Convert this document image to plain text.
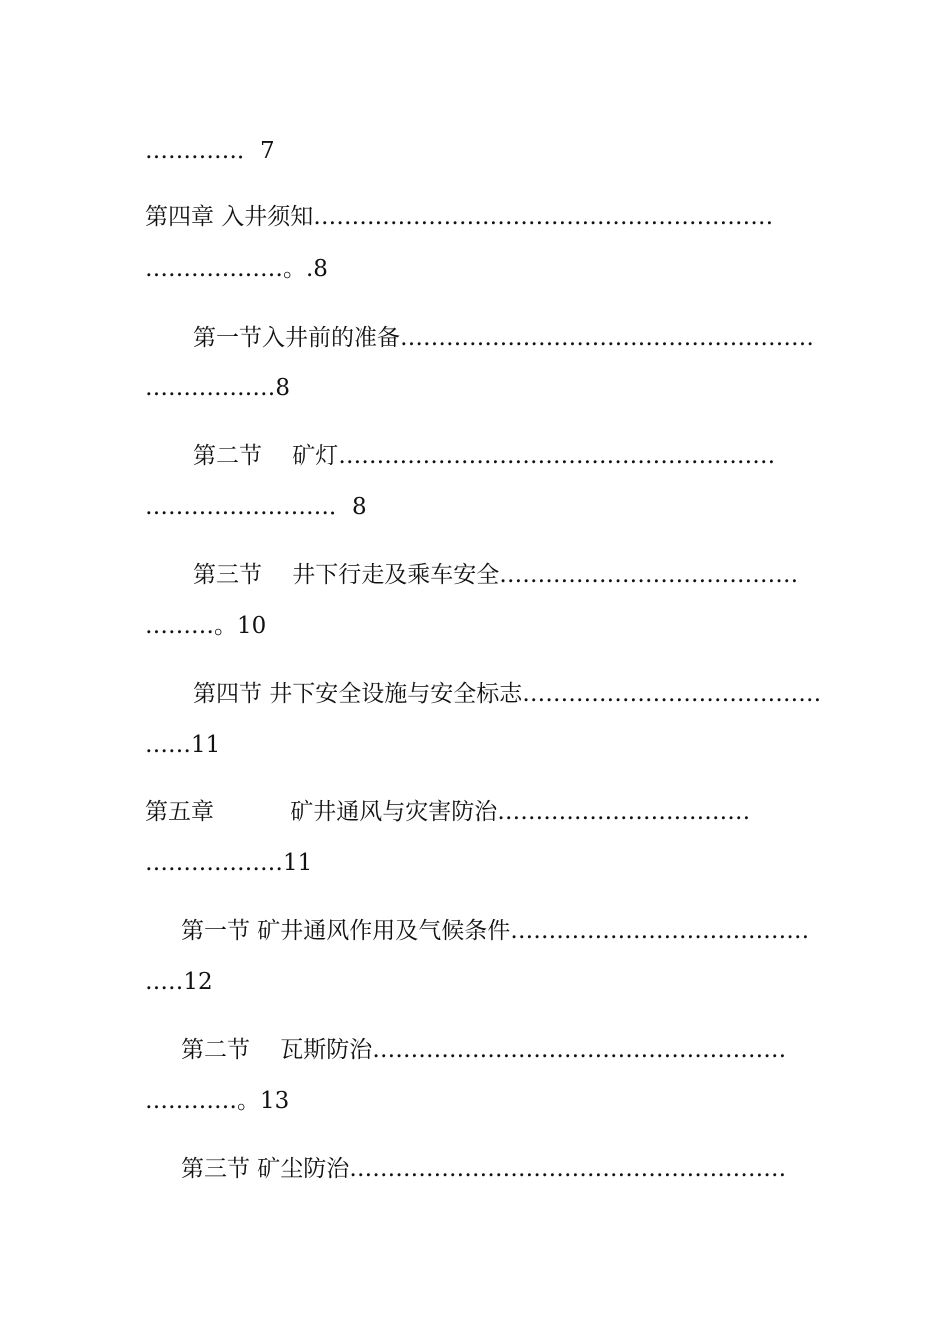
…………．7
第四章 入井须知……………………………………………………
………………。.8
第一节入井前的准备………………………………………………
……………‥8
第二节　 矿灯…………………………………………………
……………………．8
第三节　 井下行走及乘车安全…………………………………
………。10
第四节 井下安全设施与安全标志…………………………………
……11
第五章　　　 矿井通风与灾害防治……………………………
………………11
第一节 矿井通风作用及气候条件…………………………………
…‥12
第二节　 瓦斯防治………………………………………………
…………。13
第三节 矿尘防治…………………………………………………
